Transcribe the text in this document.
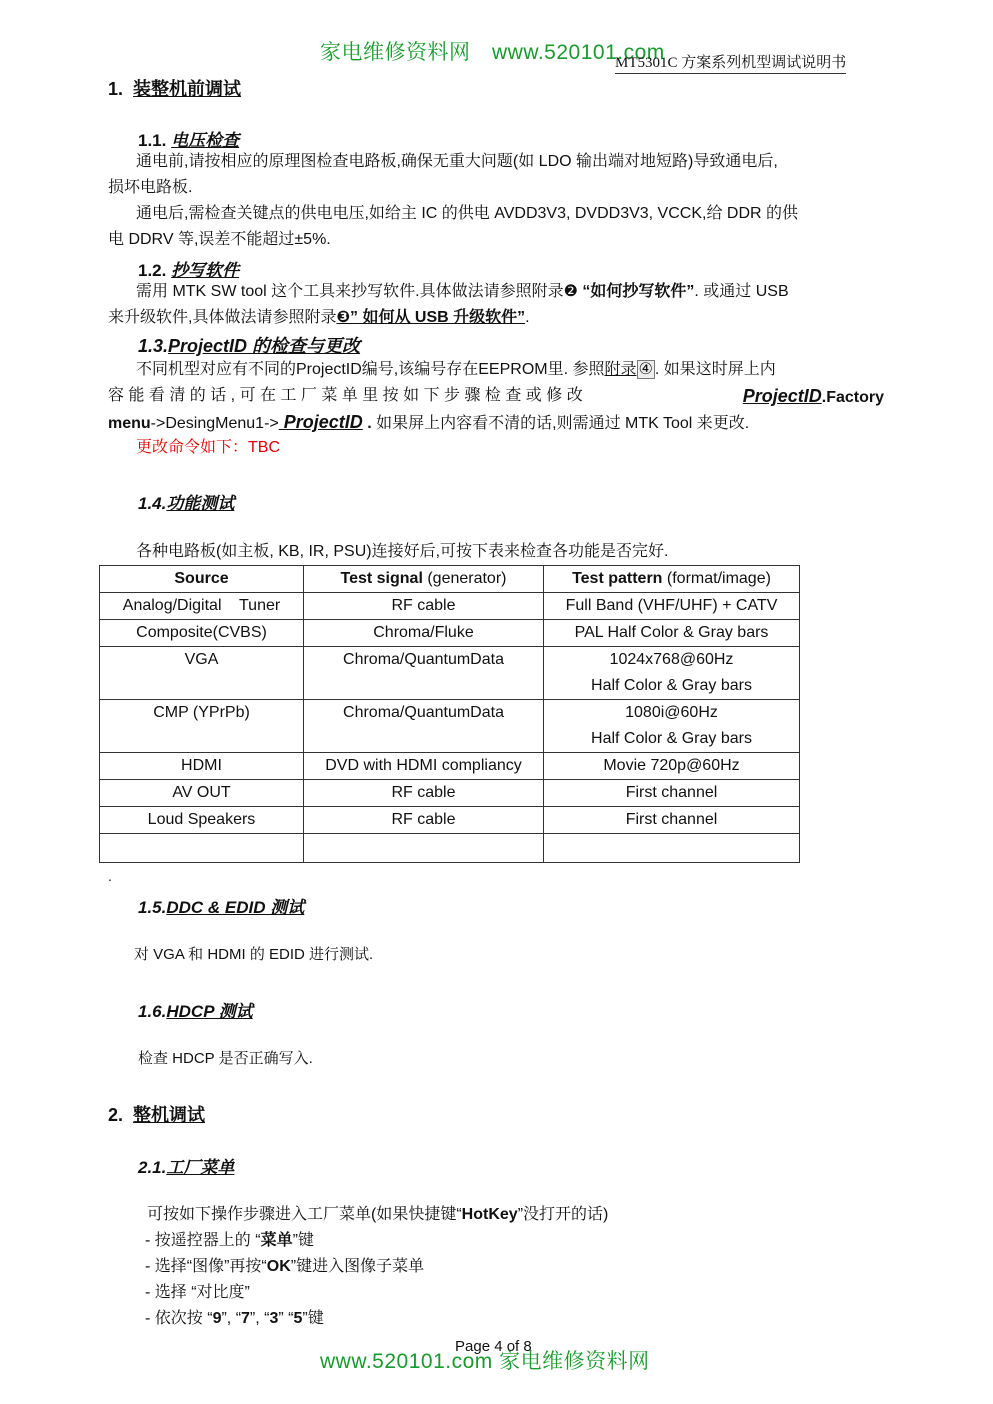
家电维修资料网　www.520101.com
MT5301C 方案系列机型调试说明书
1. 装整机前调试
1.1. 电压检查
通电前,请按相应的原理图检查电路板,确保无重大问题(如 LDO 输出端对地短路)导致通电后,
损坏电路板.
通电后,需检查关键点的供电电压,如给主 IC 的供电 AVDD3V3, DVDD3V3, VCCK,给 DDR 的供
电 DDRV 等,误差不能超过±5%.
1.2. 抄写软件
需用 MTK SW tool 这个工具来抄写软件.具体做法请参照附录❷ “如何抄写软件”. 或通过 USB
来升级软件,具体做法请参照附录❸” 如何从 USB 升级软件”.
1.3.ProjectID 的检查与更改
不同机型对应有不同的ProjectID编号,该编号存在EEPROM里. 参照附录 ④ . 如果这时屏上内
容 能 看 清 的 话 , 可 在 工 厂 菜 单 里 按 如 下 步 骤 检 查 或 修 改	ProjectID.Factory
menu->DesingMenu1-> ProjectID . 如果屏上内容看不清的话,则需通过 MTK Tool 来更改.
更改命令如下：TBC
1.4.功能测试
各种电路板(如主板, KB, IR, PSU)连接好后,可按下表来检查各功能是否完好.
Source	Test signal (generator)	Test pattern (format/image)
Analog/Digital    Tuner	RF cable	Full Band (VHF/UHF) + CATV
Composite(CVBS)	Chroma/Fluke	PAL Half Color & Gray bars
VGA	Chroma/QuantumData	1024x768@60Hz
Half Color & Gray bars

CMP (YPrPb)	Chroma/QuantumData	1080i@60Hz
Half Color & Gray bars

HDMI	DVD with HDMI compliancy	Movie 720p@60Hz
AV OUT	RF cable	First channel
Loud Speakers	RF cable	First channel

.
1.5.DDC & EDID 测试
对 VGA 和 HDMI 的 EDID 进行测试.
1.6.HDCP 测试
检查 HDCP 是否正确写入.
2. 整机调试
2.1.工厂菜单
可按如下操作步骤进入工厂菜单(如果快捷键“HotKey”没打开的话)
- 按遥控器上的 “菜单”键
- 选择“图像”再按“OK”键进入图像子菜单
- 选择 “对比度”
- 依次按 “9”, “7”, “3” “5”键
Page 4 of 8
www.520101.com 家电维修资料网
